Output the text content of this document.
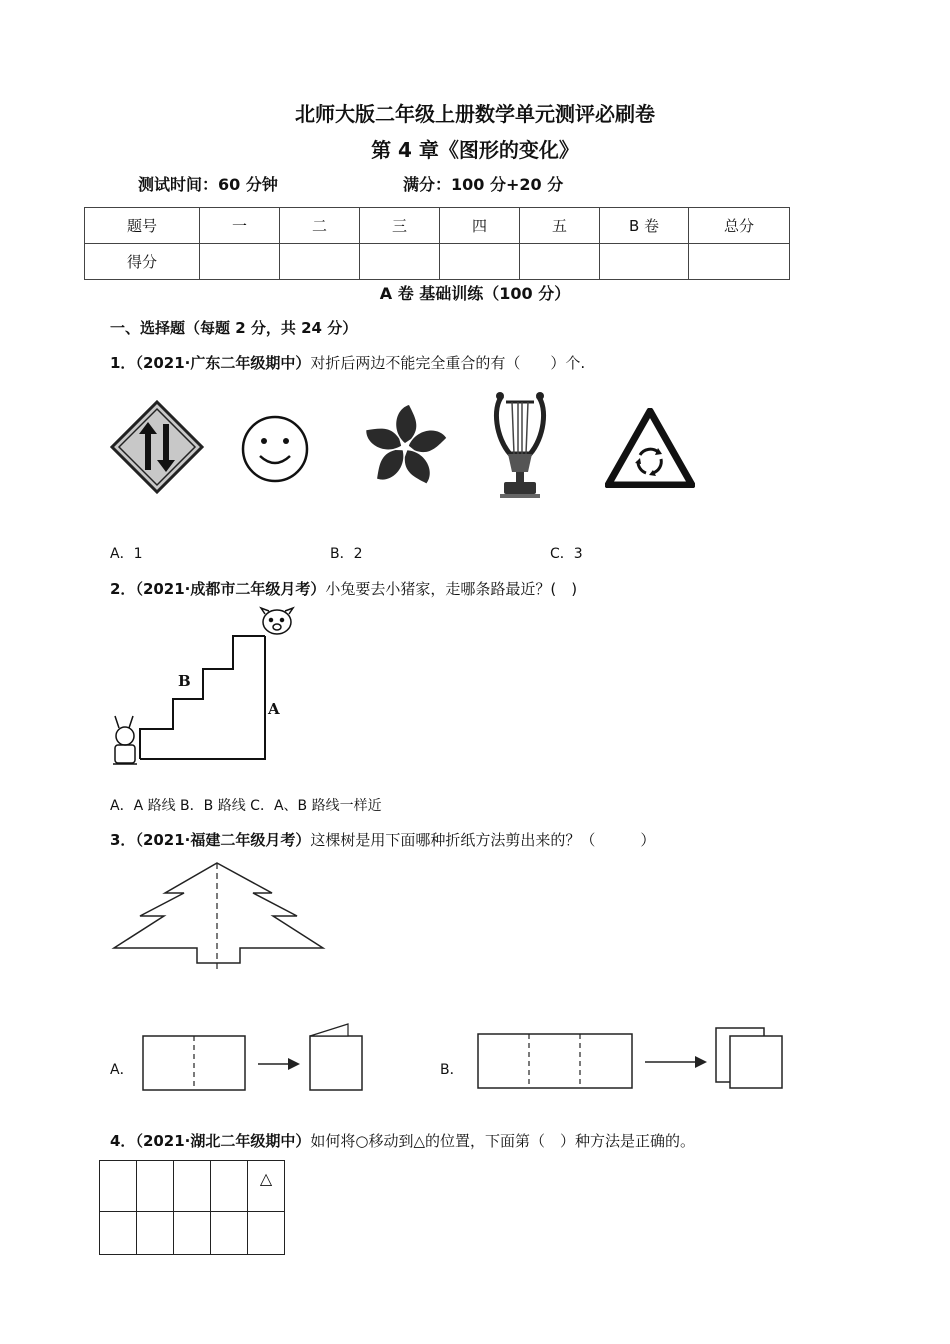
北师大版二年级上册数学单元测评必刷卷
第 4 章《图形的变化》
测试时间：60 分钟	满分：100 分+20 分
题号	一	二	三	四	五	B 卷	总分
得分							
A 卷 基础训练（100 分）
一、选择题（每题 2 分，共 24 分）
1．（2021·广东二年级期中）对折后两边不能完全重合的有（　　）个.
A．1	B．2	C．3
2．（2021·成都市二年级月考）小兔要去小猪家，走哪条路最近？(　)
B
A
A．A 路线 B．B 路线 C．A、B 路线一样近
3．（2021·福建二年级月考）这棵树是用下面哪种折纸方法剪出来的？（　　　）
A．	B．
4．（2021·湖北二年级期中）如何将○移动到△的位置，下面第（　）种方法是正确的。
				△
